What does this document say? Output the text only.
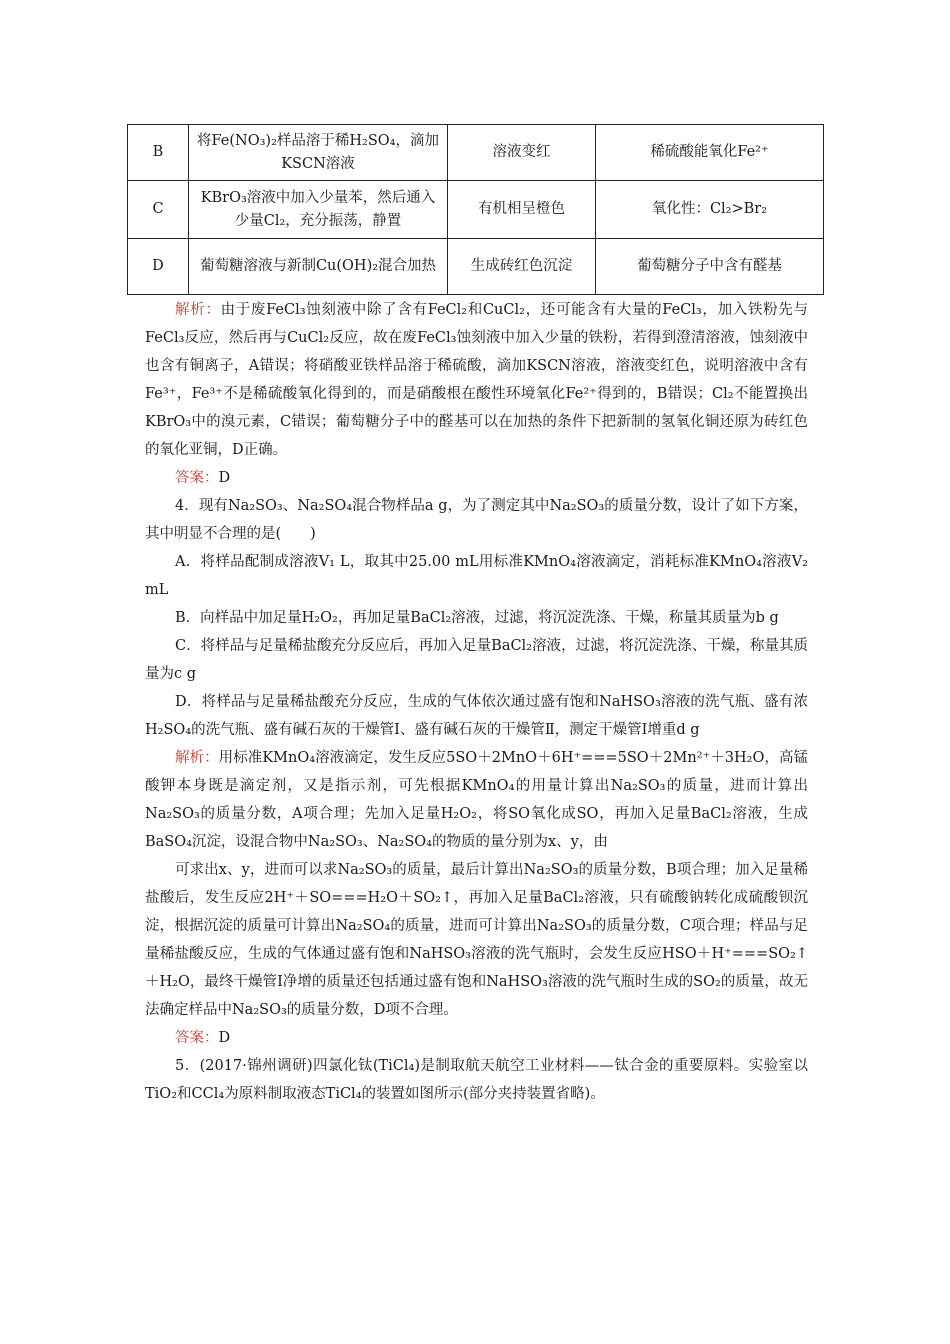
B	将Fe(NO₃)₂样品溶于稀H₂SO₄，滴加KSCN溶液	溶液变红	稀硫酸能氧化Fe²⁺
C	KBrO₃溶液中加入少量苯，然后通入少量Cl₂，充分振荡，静置	有机相呈橙色	氧化性：Cl₂>Br₂
D	葡萄糖溶液与新制Cu(OH)₂混合加热	生成砖红色沉淀	葡萄糖分子中含有醛基

解析：由于废FeCl₃蚀刻液中除了含有FeCl₂和CuCl₂，还可能含有大量的FeCl₃，加入铁粉先与FeCl₃反应，然后再与CuCl₂反应，故在废FeCl₃蚀刻液中加入少量的铁粉，若得到澄清溶液，蚀刻液中也含有铜离子，A错误；将硝酸亚铁样品溶于稀硫酸，滴加KSCN溶液，溶液变红色，说明溶液中含有Fe³⁺，Fe³⁺不是稀硫酸氧化得到的，而是硝酸根在酸性环境氧化Fe²⁺得到的，B错误；Cl₂不能置换出KBrO₃中的溴元素，C错误；葡萄糖分子中的醛基可以在加热的条件下把新制的氢氧化铜还原为砖红色的氧化亚铜，D正确。

答案：D

4．现有Na₂SO₃、Na₂SO₄混合物样品a g，为了测定其中Na₂SO₃的质量分数，设计了如下方案，其中明显不合理的是(　　)

A．将样品配制成溶液V₁ L，取其中25.00 mL用标准KMnO₄溶液滴定，消耗标准KMnO₄溶液V₂ mL

B．向样品中加足量H₂O₂，再加足量BaCl₂溶液，过滤，将沉淀洗涤、干燥，称量其质量为b g

C．将样品与足量稀盐酸充分反应后，再加入足量BaCl₂溶液，过滤，将沉淀洗涤、干燥，称量其质量为c g

D．将样品与足量稀盐酸充分反应，生成的气体依次通过盛有饱和NaHSO₃溶液的洗气瓶、盛有浓H₂SO₄的洗气瓶、盛有碱石灰的干燥管Ⅰ、盛有碱石灰的干燥管Ⅱ，测定干燥管Ⅰ增重d g

解析：用标准KMnO₄溶液滴定，发生反应5SO＋2MnO＋6H⁺===5SO＋2Mn²⁺＋3H₂O，高锰酸钾本身既是滴定剂，又是指示剂，可先根据KMnO₄的用量计算出Na₂SO₃的质量，进而计算出Na₂SO₃的质量分数，A项合理；先加入足量H₂O₂，将SO氧化成SO，再加入足量BaCl₂溶液，生成BaSO₄沉淀，设混合物中Na₂SO₃、Na₂SO₄的物质的量分别为x、y，由

可求出x、y，进而可以求Na₂SO₃的质量，最后计算出Na₂SO₃的质量分数，B项合理；加入足量稀盐酸后，发生反应2H⁺＋SO===H₂O＋SO₂↑，再加入足量BaCl₂溶液，只有硫酸钠转化成硫酸钡沉淀，根据沉淀的质量可计算出Na₂SO₄的质量，进而可计算出Na₂SO₃的质量分数，C项合理；样品与足量稀盐酸反应，生成的气体通过盛有饱和NaHSO₃溶液的洗气瓶时，会发生反应HSO＋H⁺===SO₂↑＋H₂O，最终干燥管Ⅰ净增的质量还包括通过盛有饱和NaHSO₃溶液的洗气瓶时生成的SO₂的质量，故无法确定样品中Na₂SO₃的质量分数，D项不合理。

答案：D

5．(2017·锦州调研)四氯化钛(TiCl₄)是制取航天航空工业材料——钛合金的重要原料。实验室以TiO₂和CCl₄为原料制取液态TiCl₄的装置如图所示(部分夹持装置省略)。
